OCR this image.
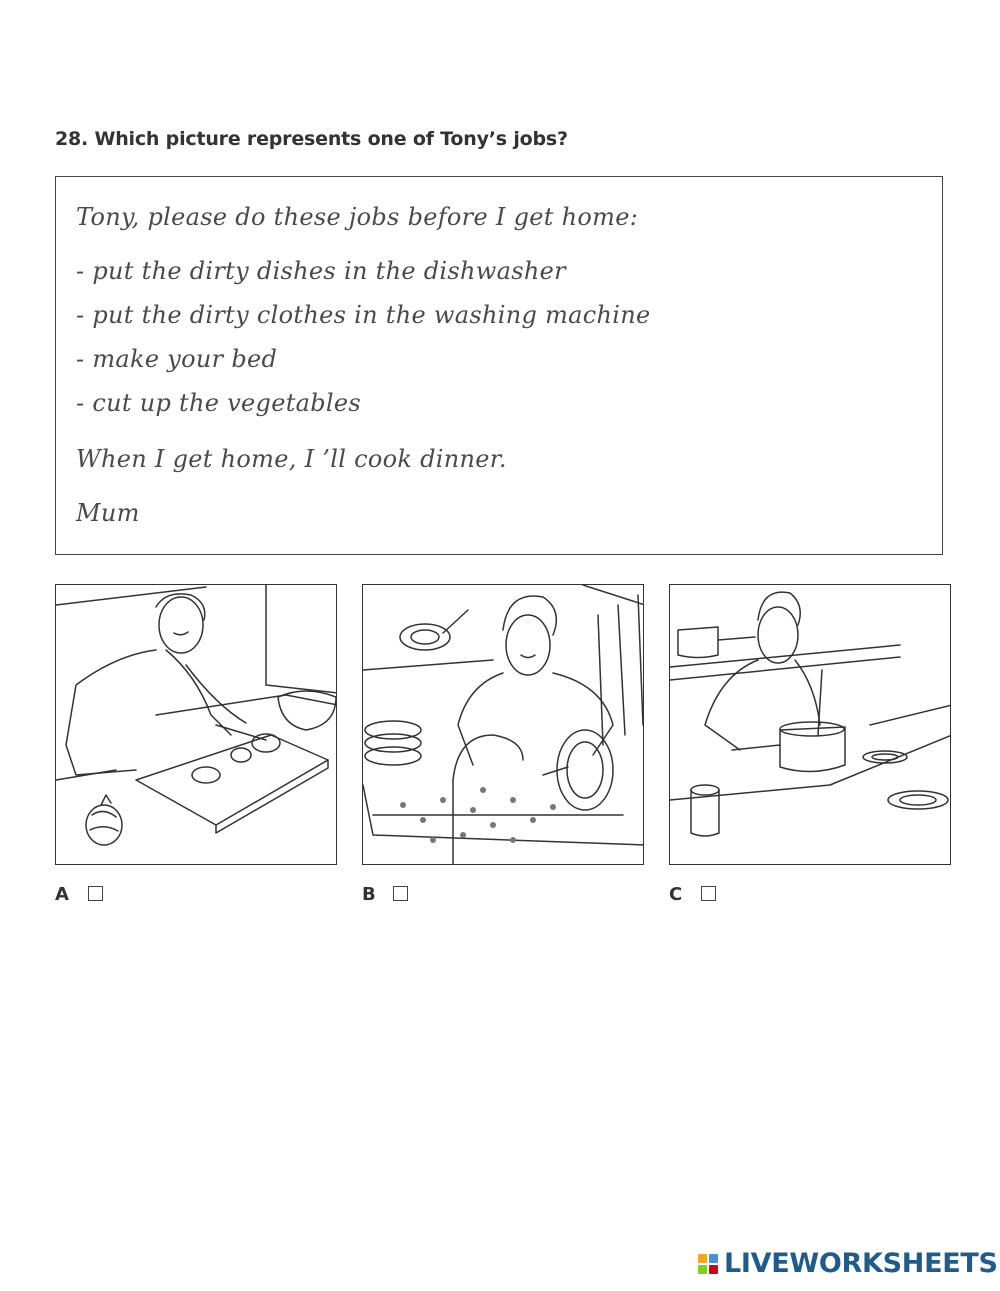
28. Which picture represents one of Tony’s jobs?
Tony, please do these jobs before I get home:
- put the dirty dishes in the dishwasher
- put the dirty clothes in the washing machine
- make your bed
- cut up the vegetables
When I get home, I ’ll cook dinner.
Mum
A	B	C
LIVEWORKSHEETS
